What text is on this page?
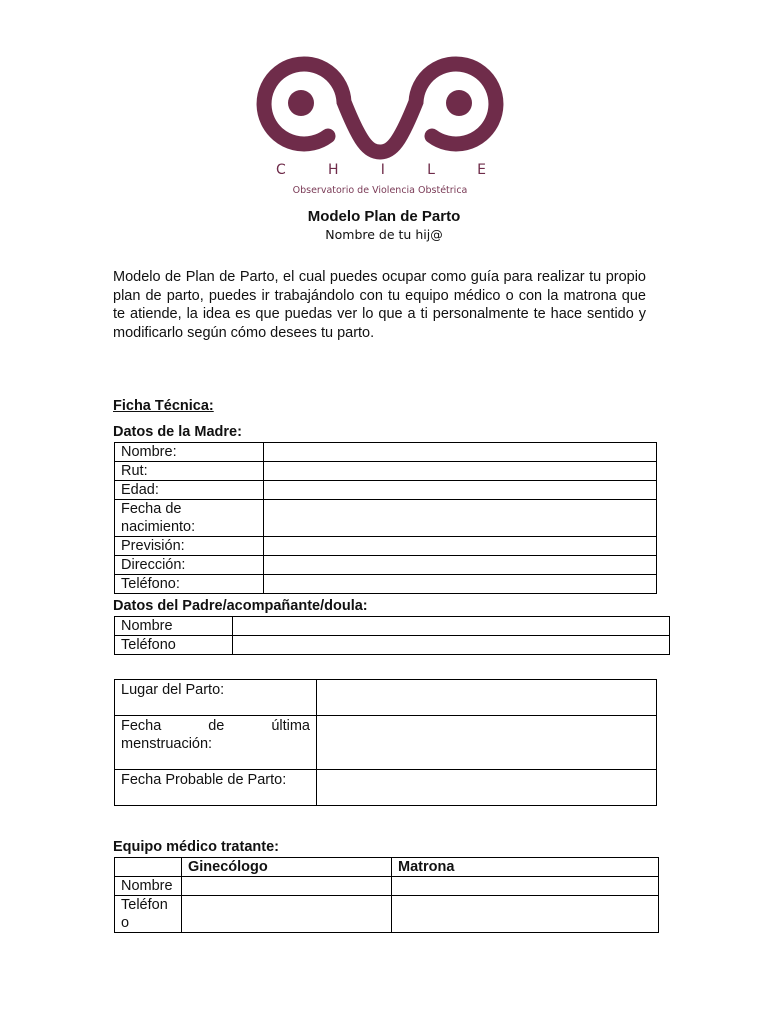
C	H	I	L	E
Observatorio de Violencia Obstétrica
Modelo Plan de Parto
Nombre de tu hij@
Modelo de Plan de Parto, el cual puedes ocupar como guía para realizar tu propio plan de parto, puedes ir trabajándolo con tu equipo médico o con la matrona que te atiende, la idea es que puedas ver lo que a ti personalmente te hace sentido y modificarlo según cómo desees tu parto.
Ficha Técnica:
Datos de la Madre:
Nombre:	
Rut:	
Edad:	
Fecha de nacimiento:	
Previsión:	
Dirección:	
Teléfono:	
Datos del Padre/acompañante/doula:
Nombre	
Teléfono	
Lugar del Parto:	
Fecha de última menstruación:	
Fecha Probable de Parto:	
Equipo médico tratante:
	Ginecólogo	Matrona
Nombre		
Teléfono		
